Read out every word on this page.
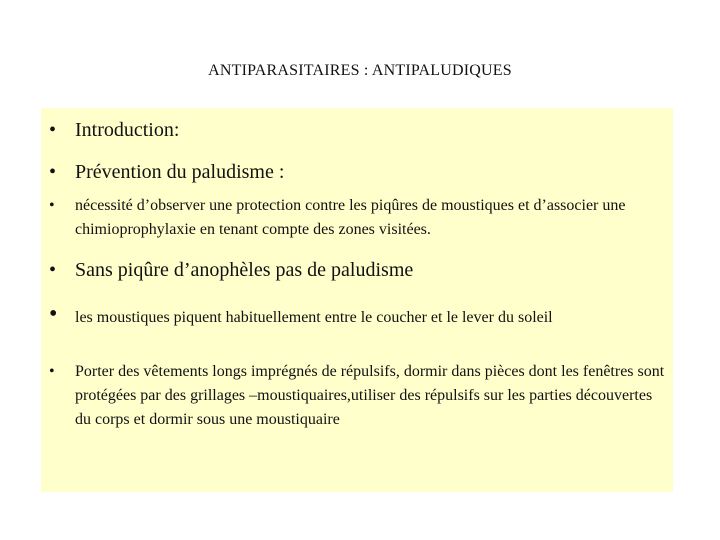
ANTIPARASITAIRES : ANTIPALUDIQUES
• Introduction:
• Prévention du paludisme :
• nécessité d’observer une protection contre les piqûres de moustiques et d’associer une chimioprophylaxie en tenant compte des zones visitées.
• Sans piqûre d’anophèles pas de paludisme
• les moustiques piquent habituellement entre le coucher et le lever du soleil
• Porter des vêtements longs imprégnés de répulsifs, dormir dans pièces dont les fenêtres sont protégées par des grillages –moustiquaires,utiliser des répulsifs sur les parties découvertes du corps et dormir sous une moustiquaire
